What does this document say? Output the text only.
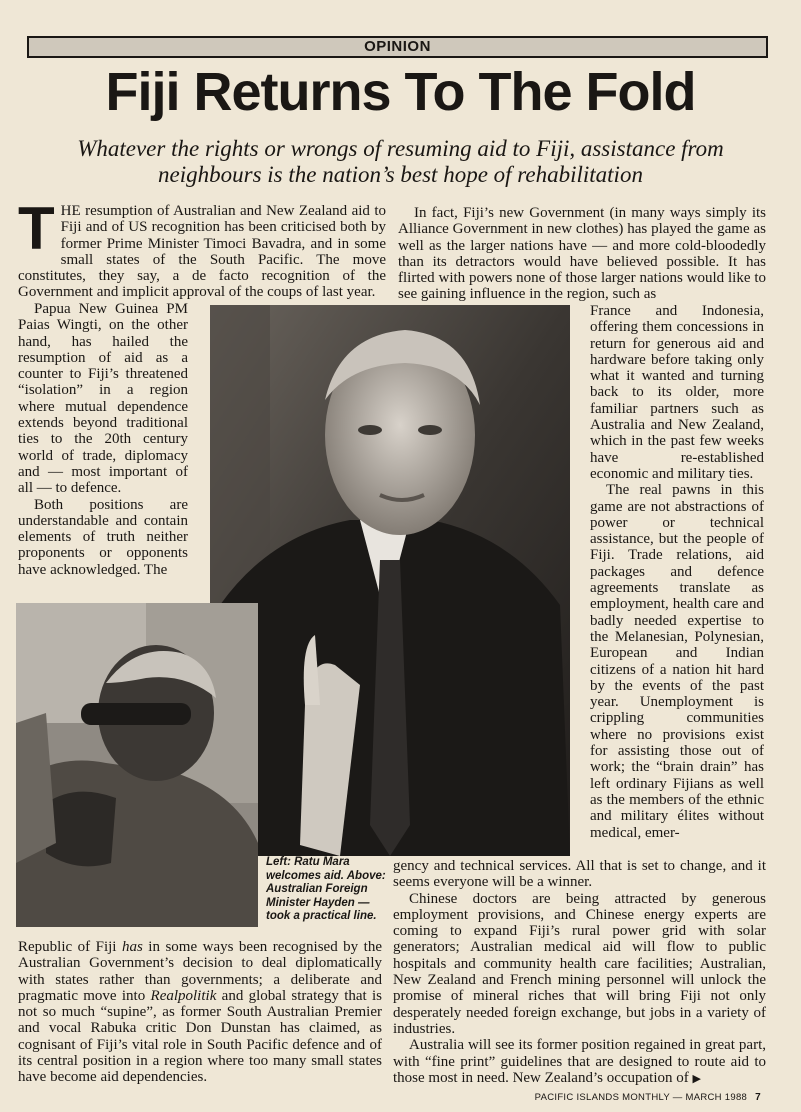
OPINION
Fiji Returns To The Fold
Whatever the rights or wrongs of resuming aid to Fiji, assistance from neighbours is the nation’s best hope of rehabilitation

THE resumption of Australian and New Zealand aid to Fiji and of US recognition has been criticised both by former Prime Minister Timoci Bavadra, and in some small states of the South Pacific. The move constitutes, they say, a de facto recognition of the Government and implicit approval of the coups of last year.

Papua New Guinea PM Paias Wingti, on the other hand, has hailed the resumption of aid as a counter to Fiji’s threatened “isolation” in a region where mutual dependence extends beyond traditional ties to the 20th century world of trade, diplomacy and — most important of all — to defence.

Both positions are understandable and contain elements of truth neither proponents or opponents have acknowledged. The

Left: Ratu Mara welcomes aid. Above: Australian Foreign Minister Hayden — took a practical line.

Republic of Fiji has in some ways been recognised by the Australian Government’s decision to deal diplomatically with states rather than governments; a deliberate and pragmatic move into Realpolitik and global strategy that is not so much “supine”, as former South Australian Premier and vocal Rabuka critic Don Dunstan has claimed, as cognisant of Fiji’s vital role in South Pacific defence and of its central position in a region where too many small states have become aid dependencies.

In fact, Fiji’s new Government (in many ways simply its Alliance Government in new clothes) has played the game as well as the larger nations have — and more cold-bloodedly than its detractors would have believed possible. It has flirted with powers none of those larger nations would like to see gaining influence in the region, such as

France and Indonesia, offering them concessions in return for generous aid and hardware before taking only what it wanted and turning back to its older, more familiar partners such as Australia and New Zealand, which in the past few weeks have re-established economic and military ties.

The real pawns in this game are not abstractions of power or technical assistance, but the people of Fiji. Trade relations, aid packages and defence agreements translate as employment, health care and badly needed expertise to the Melanesian, Polynesian, European and Indian citizens of a nation hit hard by the events of the past year. Unemployment is crippling communities where no provisions exist for assisting those out of work; the “brain drain” has left ordinary Fijians as well as the members of the ethnic and military élites without medical, emer-

gency and technical services. All that is set to change, and it seems everyone will be a winner.

Chinese doctors are being attracted by generous employment provisions, and Chinese energy experts are coming to expand Fiji’s rural power grid with solar generators; Australian medical aid will flow to public hospitals and community health care facilities; Australian, New Zealand and French mining personnel will unlock the promise of mineral riches that will bring Fiji not only desperately needed foreign exchange, but jobs in a variety of industries.

Australia will see its former position regained in great part, with “fine print” guidelines that are designed to route aid to those most in need. New Zealand’s occupation of ▶

PACIFIC ISLANDS MONTHLY — MARCH 1988 7
